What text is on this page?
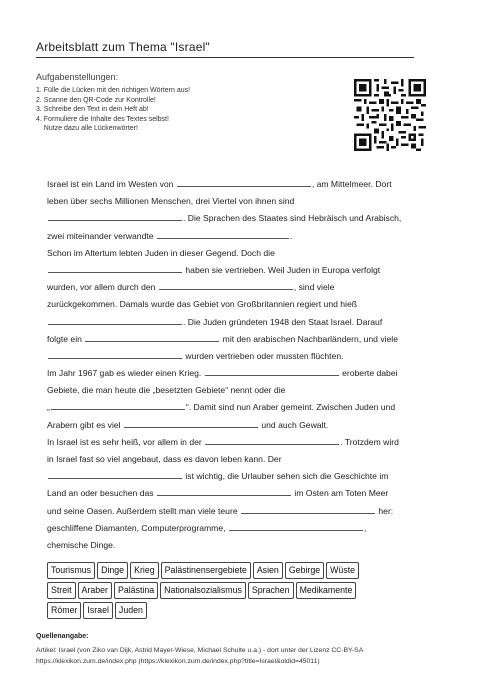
Arbeitsblatt zum Thema "Israel"
Aufgabenstellungen:
1. Fülle die Lücken mit den richtigen Wörtern aus!
2. Scanne den QR-Code zur Kontrolle!
3. Schreibe den Text in dein Heft ab!
4. Formuliere die Inhalte des Textes selbst!
Nutze dazu alle Lückenwörter!
Israel ist ein Land im Westen von	, am Mittelmeer. Dort
leben über sechs Millionen Menschen, drei Viertel von ihnen sind
. Die Sprachen des Staates sind Hebräisch und Arabisch,
zwei miteinander verwandte	.
Schon im Altertum lebten Juden in dieser Gegend. Doch die
haben sie vertrieben. Weil Juden in Europa verfolgt
wurden, vor allem durch den	, sind viele
zurückgekommen. Damals wurde das Gebiet von Großbritannien regiert und hieß
. Die Juden gründeten 1948 den Staat Israel. Darauf
folgte ein	mit den arabischen Nachbarländern, und viele
wurden vertrieben oder mussten flüchten.
Im Jahr 1967 gab es wieder einen Krieg.	eroberte dabei
Gebiete, die man heute die „besetzten Gebiete“ nennt oder die
„	“. Damit sind nun Araber gemeint. Zwischen Juden und
Arabern gibt es viel	und auch Gewalt.
In Israel ist es sehr heiß, vor allem in der	. Trotzdem wird
in Israel fast so viel angebaut, dass es davon leben kann. Der
ist wichtig, die Urlauber sehen sich die Geschichte im
Land an oder besuchen das	im Osten am Toten Meer
und seine Oasen. Außerdem stellt man viele teure	her:
geschliffene Diamanten, Computerprogramme,	,
chemische Dinge.
Tourismus Dinge Krieg Palästinensergebiete Asien Gebirge Wüste
Streit Araber Palästina Nationalsozialismus Sprachen Medikamente
Römer Israel Juden
Quellenangabe:
Artikel: Israel (von Ziko van Dijk, Astrid Mayer-Wiese, Michael Schulte u.a.) - dort unter der Lizenz CC-BY-SA
https://klexikon.zum.de/index.php (https://klexikon.zum.de/index.php?title=Israel&oldid=45011)
